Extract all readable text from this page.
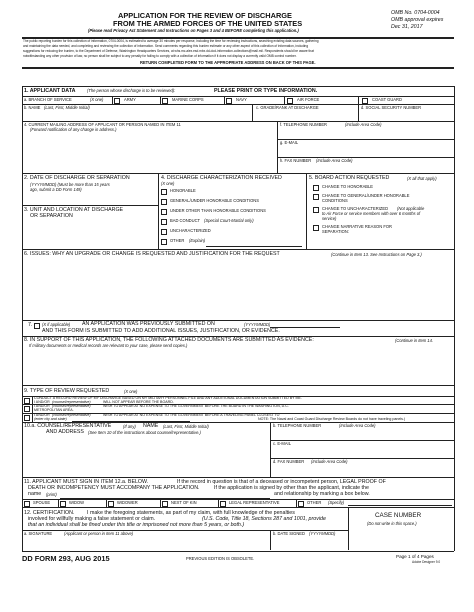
APPLICATION FOR THE REVIEW OF DISCHARGE
FROM THE ARMED FORCES OF THE UNITED STATES
(Please read Privacy Act Statement and Instructions on Pages 3 and 4 BEFORE completing this application.)
OMB No. 0704-0004
OMB approval expires
Dec 31, 2017
The public reporting burden for this collection of information, 0704-0004, is estimated to average 30 minutes per response, including the time for reviewing instructions, searching existing data sources, gathering
and maintaining the data needed, and completing and reviewing the collection of information. Send comments regarding this burden estimate or any other aspect of this collection of information, including
suggestions for reducing the burden, to the Department of Defense, Washington Headquarters Services, at whs.mc-alex.esd.mbx.dd-dod-information-collections@mail.mil. Respondents should be aware that
notwithstanding any other provision of law, no person shall be subject to any penalty for failing to comply with a collection of information if it does not display a currently valid OMB control number.
RETURN COMPLETED FORM TO THE APPROPRIATE ADDRESS ON BACK OF THIS PAGE.
1. APPLICANT DATA	(The person whose discharge is to be reviewed):	PLEASE PRINT OR TYPE INFORMATION.
a. BRANCH OF SERVICE	(X one)	ARMY	MARINE CORPS	NAVY	AIR FORCE	COAST GUARD
b. NAME (Last, First, Middle Initial)	c. GRADE/RANK AT DISCHARGE	d. SOCIAL SECURITY NUMBER
4. CURRENT MAILING ADDRESS OF APPLICANT OR PERSON NAMED IN ITEM 11
(Forward notification of any change in address.)
f. TELEPHONE NUMBER	(Include Area Code)
g. E-MAIL
h. FAX NUMBER (Include Area Code)
2. DATE OF DISCHARGE OR SEPARATION
(YYYYMMDD) (Must be more than 15 years
ago, submit a DD Form 149)
3. UNIT AND LOCATION AT DISCHARGE
OR SEPARATION
4. DISCHARGE CHARACTERIZATION RECEIVED
(X one)
HONORABLE
GENERAL/UNDER HONORABLE CONDITIONS
UNDER OTHER THAN HONORABLE CONDITIONS
BAD CONDUCT (Special Court-Martial only)
UNCHARACTERIZED
OTHER (Explain)
5. BOARD ACTION REQUESTED	(X all that apply)
CHANGE TO HONORABLE
CHANGE TO GENERAL/UNDER HONORABLE
CONDITIONS
CHANGE TO UNCHARACTERIZED (Not applicable
to Air Force or service members with over 6 months of
service)
CHANGE NARRATIVE REASON FOR
SEPARATION:
6. ISSUES: WHY AN UPGRADE OR CHANGE IS REQUESTED AND JUSTIFICATION FOR THE REQUEST	(Continue in Item 13. See Instructions on Page 3.)
7. (X if applicable) AN APPLICATION WAS PREVIOUSLY SUBMITTED ON	(YYYYMMDD)
AND THIS FORM IS SUBMITTED TO ADD ADDITIONAL ISSUES, JUSTIFICATION, OR EVIDENCE.
8. IN SUPPORT OF THIS APPLICATION, THE FOLLOWING ATTACHED DOCUMENTS ARE SUBMITTED AS EVIDENCE:	(Continue in Item 14.
If military documents or medical records are relevant to your case, please send copies.)
9. TYPE OF REVIEW REQUESTED	(X one)
CONDUCT A RECORD REVIEW OF MY DISCHARGE BASED ON MY MILITARY PERSONNEL FILE AND ANY ADDITIONAL DOCUMENTATION SUBMITTED BY ME.
I AND/OR (counsel/representative)	WILL NOT APPEAR BEFORE THE BOARD.
I AND/OR (counsel/representative)	WISH TO APPEAR AT NO EXPENSE TO THE GOVERNMENT BEFORE THE BOARD IN THE WASHINGTON, D.C.
METROPOLITAN AREA.
I AND/OR (counsel/representative)	WISH TO APPEAR AT NO EXPENSE TO THE GOVERNMENT BEFORE A TRAVELING PANEL CLOSEST TO
(enter city and state)	NOTE: The Naval and Coast Guard Discharge Review Boards do not have traveling panels.)
10.a. COUNSEL/REPRESENTATIVE	(If any) NAME (Last, First, Middle Initial)
AND ADDRESS (See Item 10 of the instructions about counsel/representative.)
b. TELEPHONE NUMBER	(Include Area Code)
c. E-MAIL
d. FAX NUMBER (Include Area Code)
11. APPLICANT MUST SIGN IN ITEM 12.a. BELOW.	If the record in question is that of a deceased or incompetent person, LEGAL PROOF OF
DEATH OR INCOMPETENCY MUST ACCOMPANY THE APPLICATION.	If the application is signed by other than the applicant, indicate the
name (print)	and relationship by marking a box below.
SPOUSE	WIDOW	WIDOWER	NEXT OF KIN	LEGAL REPRESENTATIVE	OTHER (Specify)
12. CERTIFICATION. I make the foregoing statements, as part of my claim, with full knowledge of the penalties
involved for willfully making a false statement or claim.	(U.S. Code, Title 18, Sections 287 and 1001, provide
that an individual shall be fined under this title or imprisoned not more than 5 years, or both.)
a. SIGNATURE	(Applicant or person in Item 11 above)	b. DATE SIGNED (YYYYMMDD)
CASE NUMBER
(Do not write in this space.)
DD FORM 293, AUG 2015	PREVIOUS EDITION IS OBSOLETE.	Page 1 of 4 Pages
Adobe Designer 9.0
